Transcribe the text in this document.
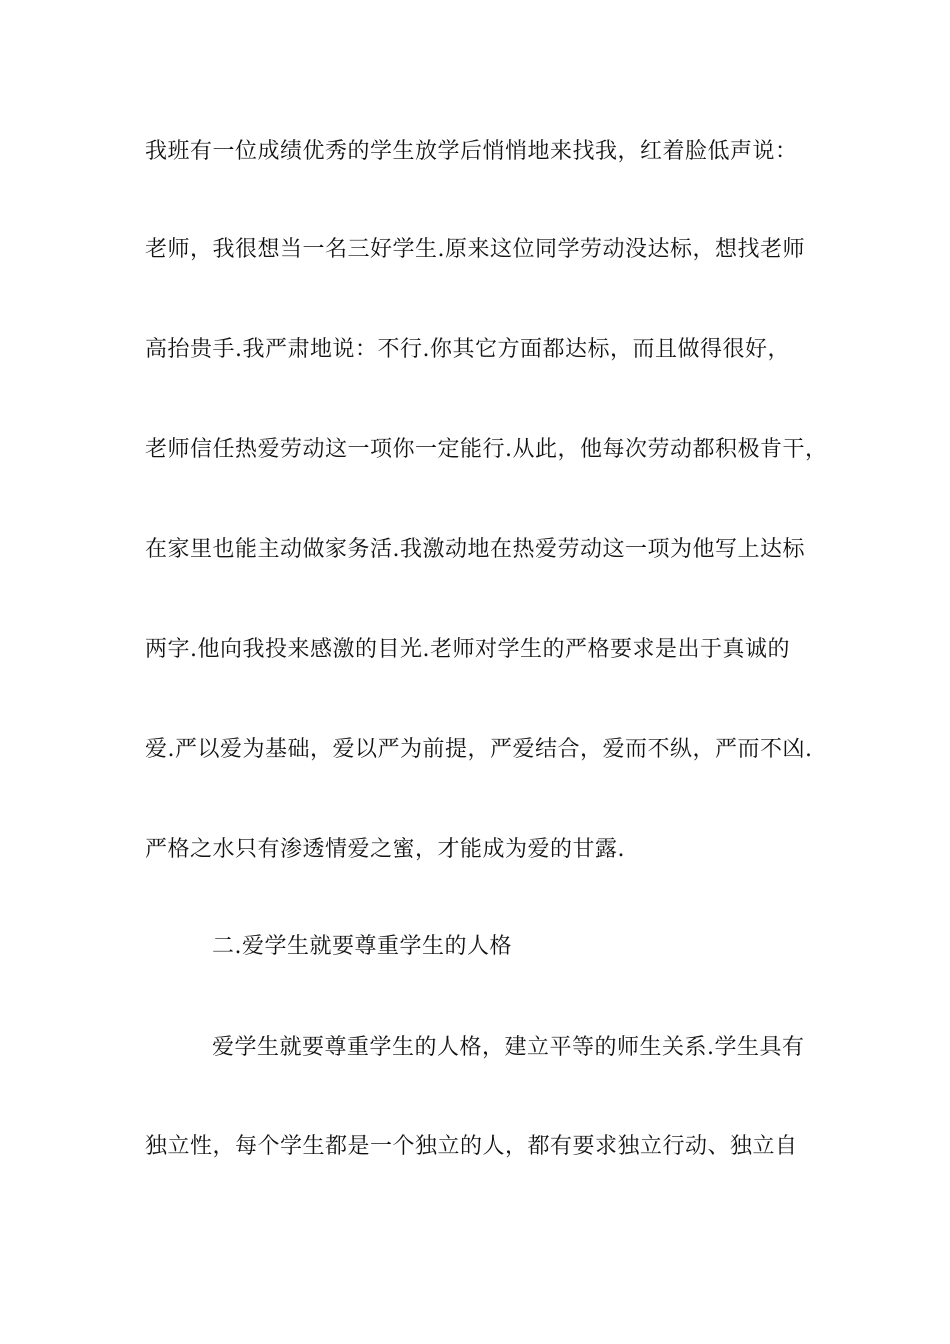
我班有一位成绩优秀的学生放学后悄悄地来找我，红着脸低声说：
老师，我很想当一名三好学生.原来这位同学劳动没达标，想找老师
高抬贵手.我严肃地说：不行.你其它方面都达标，而且做得很好，
老师信任热爱劳动这一项你一定能行.从此，他每次劳动都积极肯干，
在家里也能主动做家务活.我激动地在热爱劳动这一项为他写上达标
两字.他向我投来感激的目光.老师对学生的严格要求是出于真诚的
爱.严以爱为基础，爱以严为前提，严爱结合，爱而不纵，严而不凶.
严格之水只有渗透情爱之蜜，才能成为爱的甘露.
二.爱学生就要尊重学生的人格
爱学生就要尊重学生的人格，建立平等的师生关系.学生具有
独立性，每个学生都是一个独立的人，都有要求独立行动、独立自
